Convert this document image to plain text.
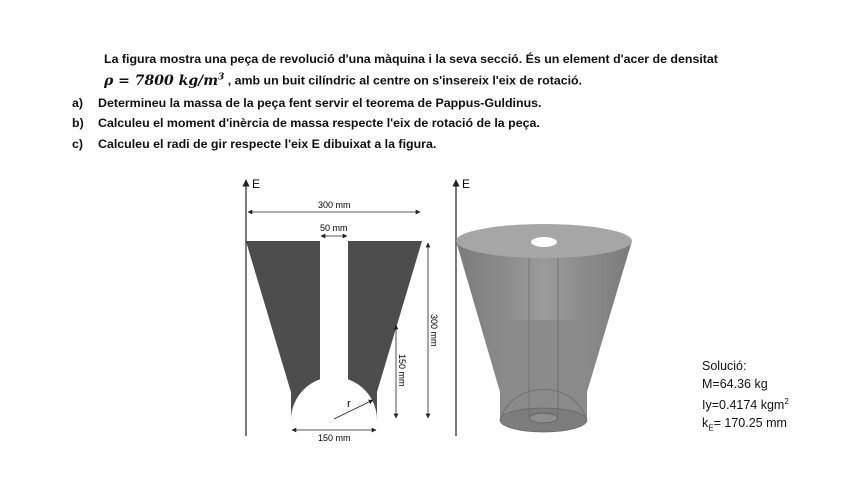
La figura mostra una peça de revolució d'una màquina i la seva secció. És un element d'acer de densitat
ρ = 7800 $kg/m^3$ , amb un buit cilíndric al centre on s'insereix l'eix de rotació.
a) Determineu la massa de la peça fent servir el teorema de Pappus-Guldinus.
b) Calculeu el moment d'inèrcia de massa respecte l'eix de rotació de la peça.
c) Calculeu el radi de gir respecte l'eix E dibuixat a la figura.
E
300 mm
50 mm
300 mm
150 mm
r
150 mm
E
Solució:
M=64.36 kg
Iy=0.4174 kgm$^2$
$k_E= 170.25$ mm
